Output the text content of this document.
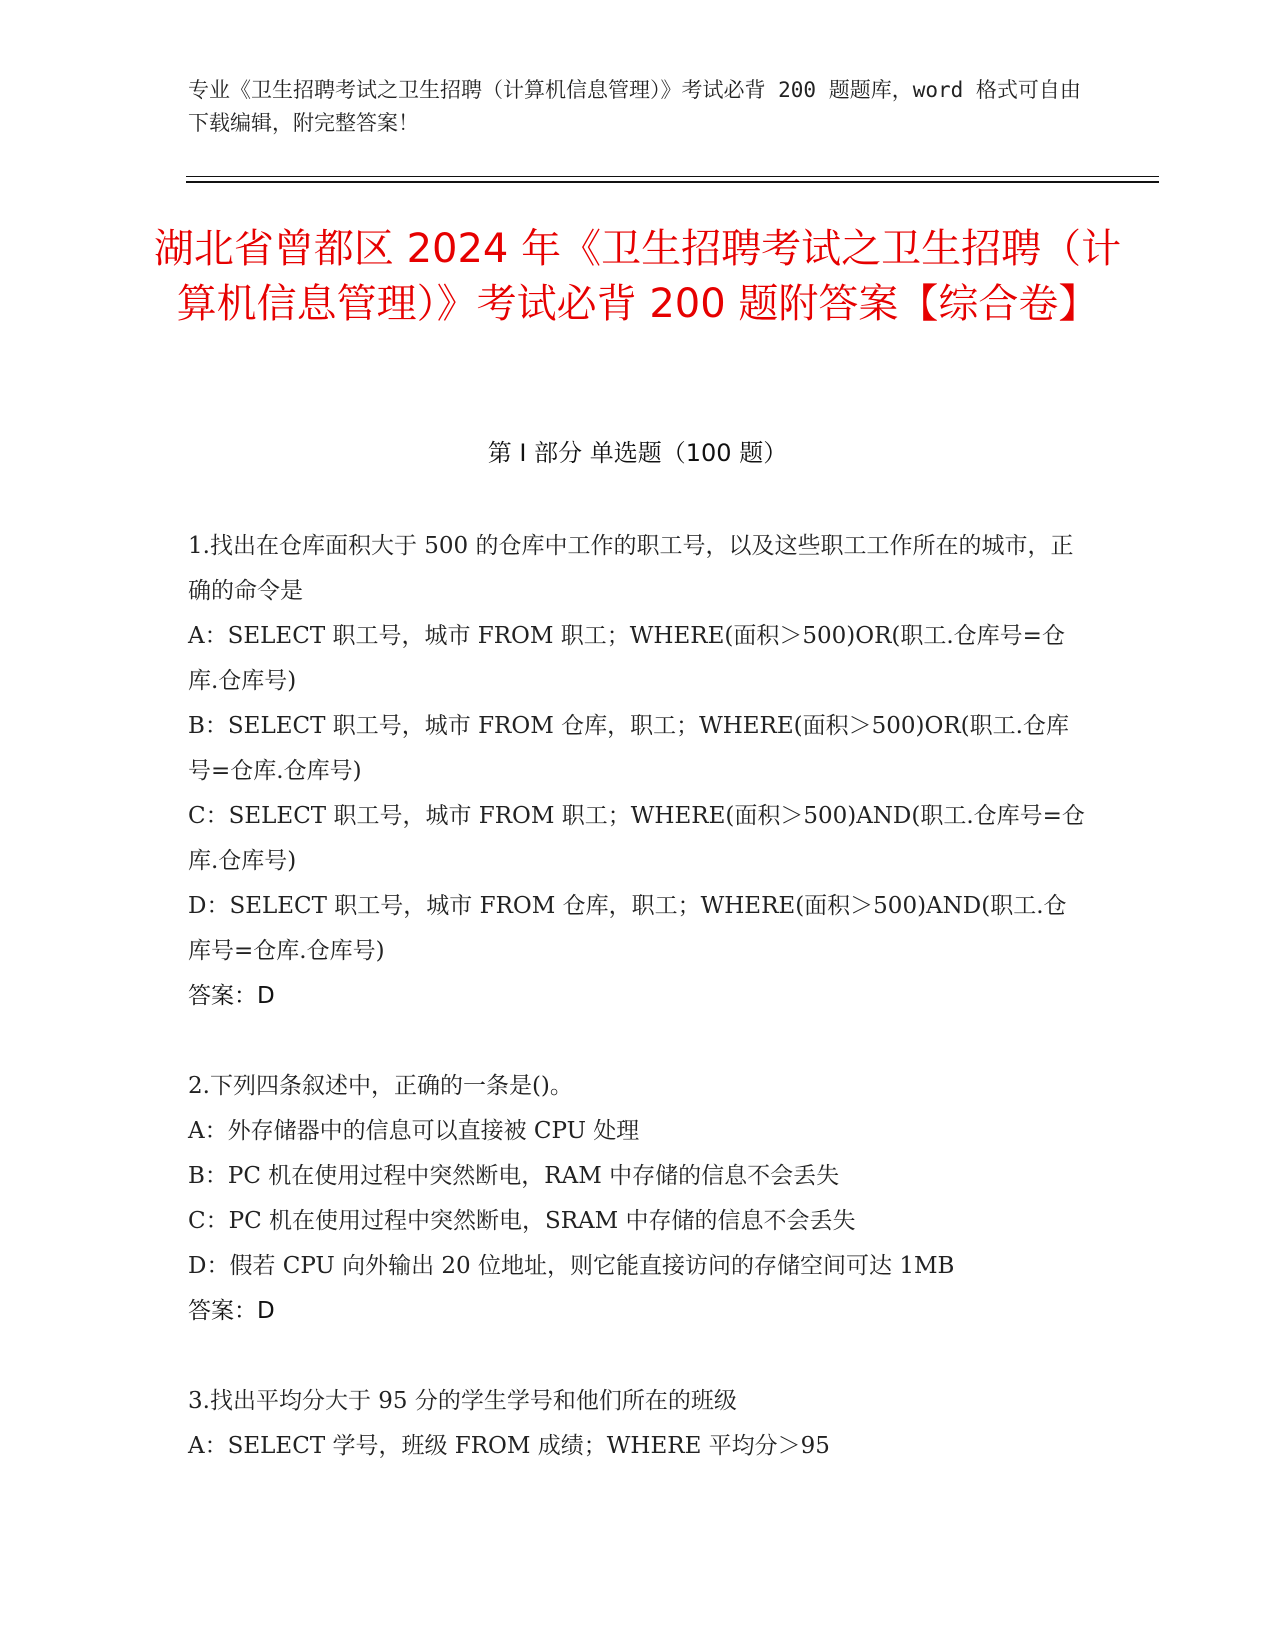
专业《卫生招聘考试之卫生招聘（计算机信息管理）》考试必背 200 题题库，word 格式可自由下载编辑，附完整答案！
湖北省曾都区 2024 年《卫生招聘考试之卫生招聘（计算机信息管理）》考试必背 200 题附答案【综合卷】
第 I 部分 单选题（100 题）

1.找出在仓库面积大于 500 的仓库中工作的职工号，以及这些职工工作所在的城市，正确的命令是

A：SELECT 职工号，城市 FROM 职工；WHERE(面积＞500)OR(职工.仓库号=仓库.仓库号)

B：SELECT 职工号，城市 FROM 仓库，职工；WHERE(面积＞500)OR(职工.仓库号=仓库.仓库号)

C：SELECT 职工号，城市 FROM 职工；WHERE(面积＞500)AND(职工.仓库号=仓库.仓库号)

D：SELECT 职工号，城市 FROM 仓库，职工；WHERE(面积＞500)AND(职工.仓库号=仓库.仓库号)

答案：D

2.下列四条叙述中，正确的一条是()。

A：外存储器中的信息可以直接被 CPU 处理

B：PC 机在使用过程中突然断电，RAM 中存储的信息不会丢失

C：PC 机在使用过程中突然断电，SRAM 中存储的信息不会丢失

D：假若 CPU 向外输出 20 位地址，则它能直接访问的存储空间可达 1MB

答案：D

3.找出平均分大于 95 分的学生学号和他们所在的班级

A：SELECT 学号，班级 FROM 成绩；WHERE 平均分＞95
